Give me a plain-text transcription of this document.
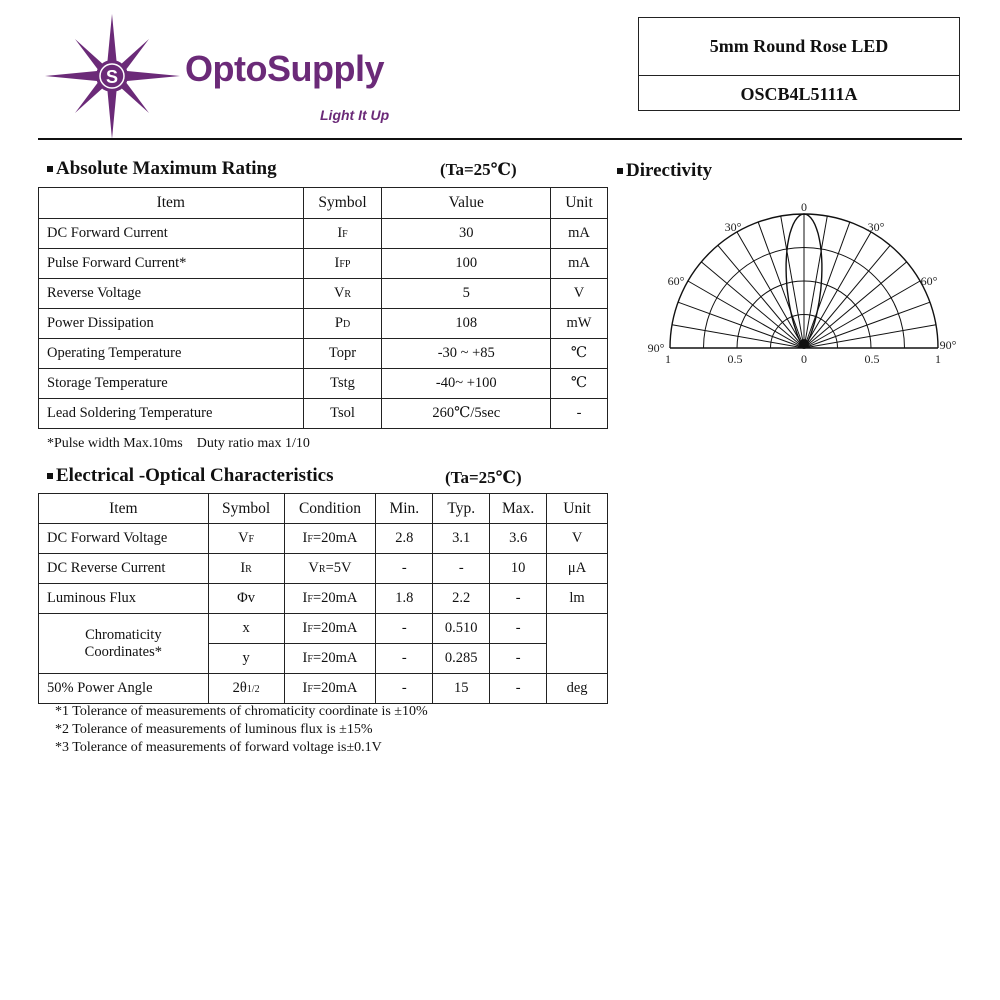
S OptoSupply
Light It Up
5mm Round Rose LED
OSCB4L5111A
Absolute Maximum Rating	(Ta=25℃)
Item	Symbol	Value	Unit
DC Forward Current	IF	30	mA
Pulse Forward Current*	IFP	100	mA
Reverse Voltage	VR	5	V
Power Dissipation	PD	108	mW
Operating Temperature	Topr	-30 ~ +85	℃
Storage Temperature	Tstg	-40~ +100	℃
Lead Soldering Temperature	Tsol	260℃/5sec	-
*Pulse width Max.10ms    Duty ratio max 1/10
Electrical -Optical Characteristics	(Ta=25℃)
Item	Symbol	Condition	Min.	Typ.	Max.	Unit
DC Forward Voltage	VF	IF=20mA	2.8	3.1	3.6	V
DC Reverse Current	IR	VR=5V	-	-	10	μA
Luminous Flux	Φv	IF=20mA	1.8	2.2	-	lm
Chromaticity	x	IF=20mA	-	0.510	-	
Coordinates*	y	IF=20mA	-	0.285	-	
50% Power Angle	2θ1/2	IF=20mA	-	15	-	deg
*1 Tolerance of measurements of chromaticity coordinate is ±10%
*2 Tolerance of measurements of luminous flux is ±15%
*3 Tolerance of measurements of forward voltage is±0.1V
Directivity
0
30°	30°
60°	60°
90°	90°
1	0.5	0	0.5	1
